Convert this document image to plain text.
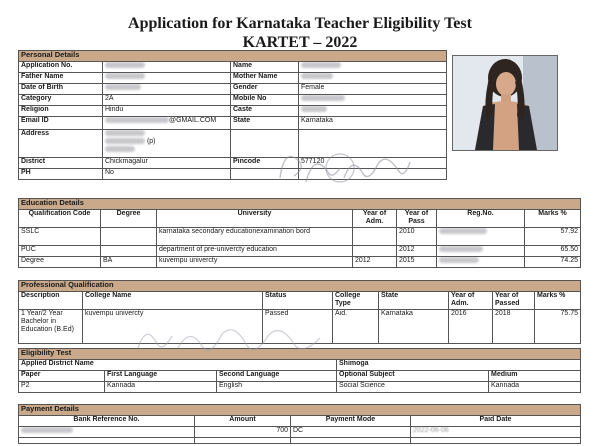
Application for Karnataka Teacher Eligibility Test
KARTET – 2022
Personal Details			
Application No.		Name	
Father Name		Mother Name	
Date of Birth		Gender	Female
Category	2A	Mobile No	
Religion	Hindu	Caste	
Email ID	@GMAIL.COM	State	Karnataka
Address	(p)

District	Chickmagalur	Pincode	577120
PH	No		
Education Details						
Qualification Code	Degree	University	Year of Adm.	Year of Pass	Reg.No.	Marks %
SSLC		karnataka secondary educationexamination bord		2010		57.92
PUC		department of pre-univercty education		2012		65.50
Degree	BA	kuvempu univercty	2012	2015		74.25
Professional Qualification							
Description	College Name	Status	College Type	State	Year of Adm.	Year of Passed	Marks %
1 Year/2 Year Bachelor in Education (B.Ed)	kuvempu univercty	Passed	Aid.	Karnataka	2016	2018	75.75
Eligibility Test				
Applied District Name			Shimoga	
Paper	First Language	Second Language	Optional Subject	Medium
P2	Kannada	English	Social Science	Kannada
Payment Details			
Bank Reference No.	Amount	Payment Mode	Paid Date
	700	DC	2022-06-06
